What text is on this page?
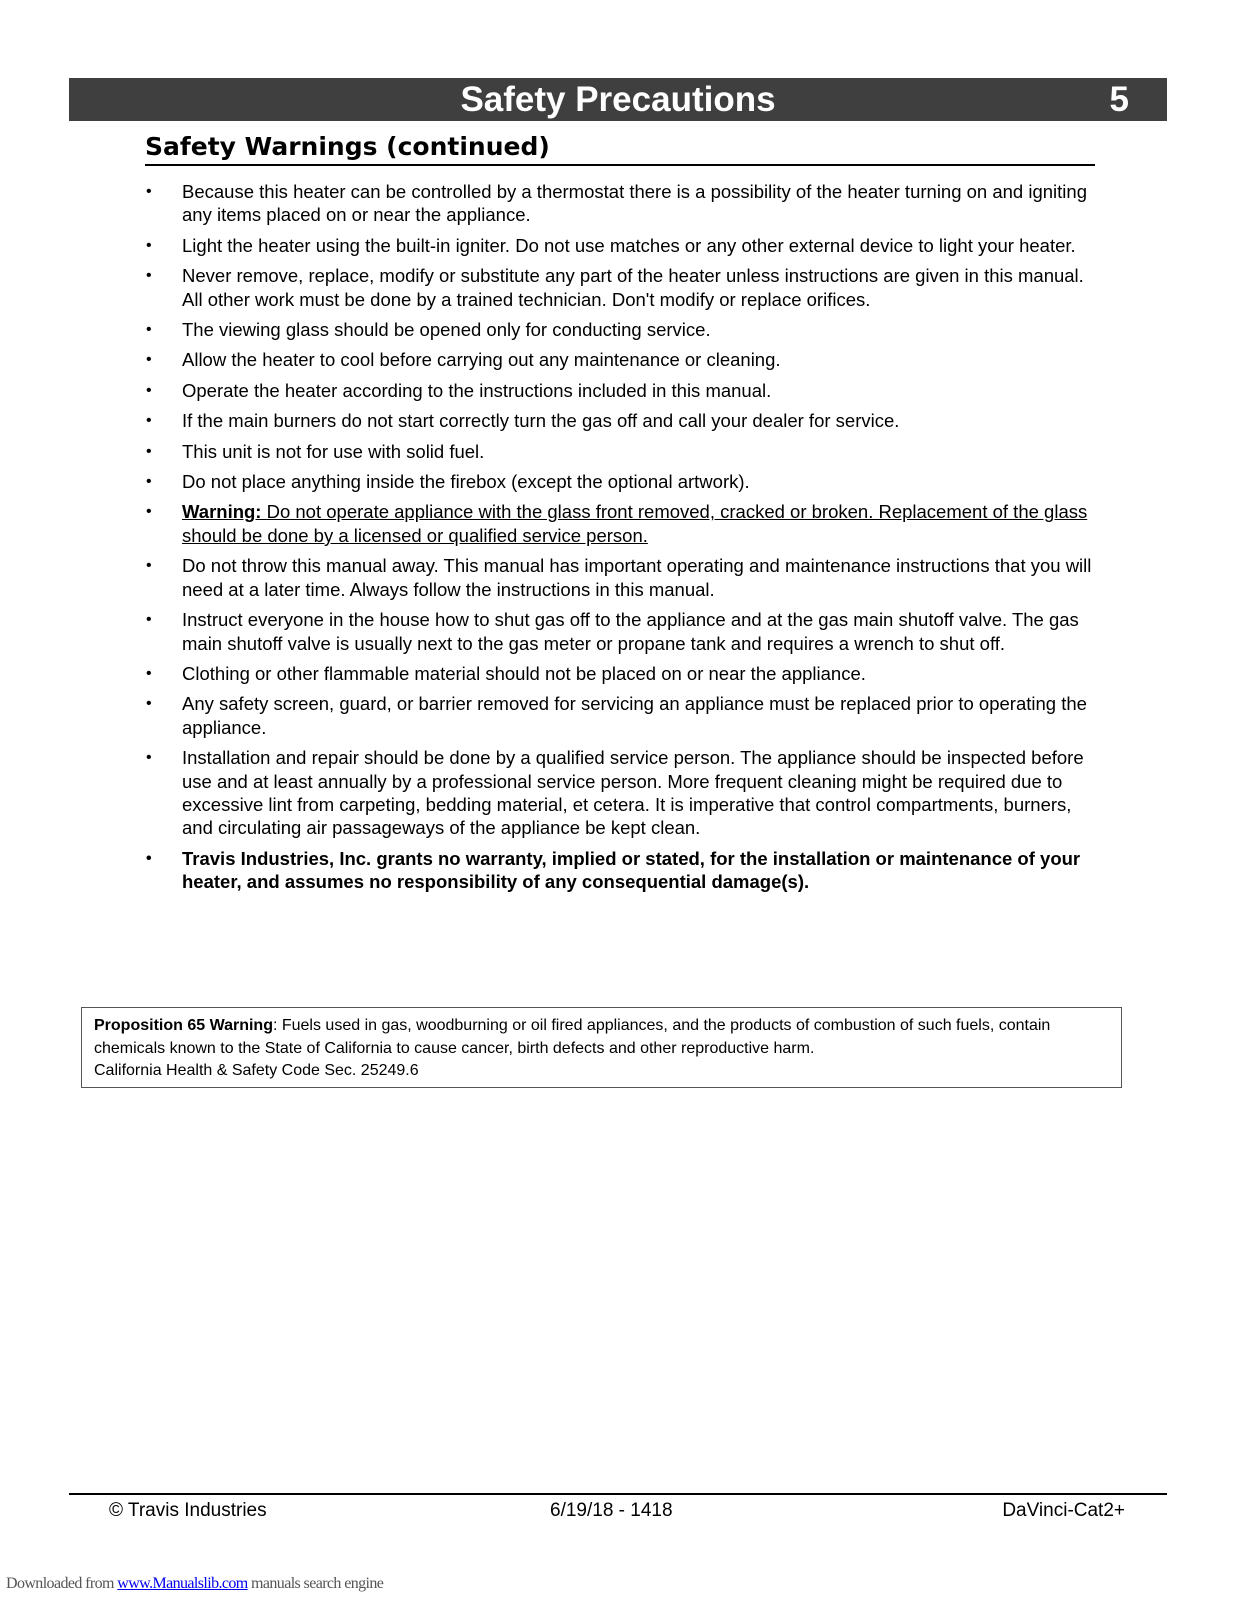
Safety Precautions	5
Safety Warnings (continued)
• Because this heater can be controlled by a thermostat there is a possibility of the heater turning on and igniting any items placed on or near the appliance.
• Light the heater using the built-in igniter. Do not use matches or any other external device to light your heater.
• Never remove, replace, modify or substitute any part of the heater unless instructions are given in this manual. All other work must be done by a trained technician. Don't modify or replace orifices.
• The viewing glass should be opened only for conducting service.
• Allow the heater to cool before carrying out any maintenance or cleaning.
• Operate the heater according to the instructions included in this manual.
• If the main burners do not start correctly turn the gas off and call your dealer for service.
• This unit is not for use with solid fuel.
• Do not place anything inside the firebox (except the optional artwork).
• Warning: Do not operate appliance with the glass front removed, cracked or broken. Replacement of the glass should be done by a licensed or qualified service person.
• Do not throw this manual away. This manual has important operating and maintenance instructions that you will need at a later time. Always follow the instructions in this manual.
• Instruct everyone in the house how to shut gas off to the appliance and at the gas main shutoff valve. The gas main shutoff valve is usually next to the gas meter or propane tank and requires a wrench to shut off.
• Clothing or other flammable material should not be placed on or near the appliance.
• Any safety screen, guard, or barrier removed for servicing an appliance must be replaced prior to operating the appliance.
• Installation and repair should be done by a qualified service person. The appliance should be inspected before use and at least annually by a professional service person. More frequent cleaning might be required due to excessive lint from carpeting, bedding material, et cetera. It is imperative that control compartments, burners, and circulating air passageways of the appliance be kept clean.
• Travis Industries, Inc. grants no warranty, implied or stated, for the installation or maintenance of your heater, and assumes no responsibility of any consequential damage(s).
Proposition 65 Warning: Fuels used in gas, woodburning or oil fired appliances, and the products of combustion of such fuels, contain chemicals known to the State of California to cause cancer, birth defects and other reproductive harm.
California Health & Safety Code Sec. 25249.6
© Travis Industries	6/19/18 - 1418	DaVinci-Cat2+
Downloaded from www.Manualslib.com manuals search engine
